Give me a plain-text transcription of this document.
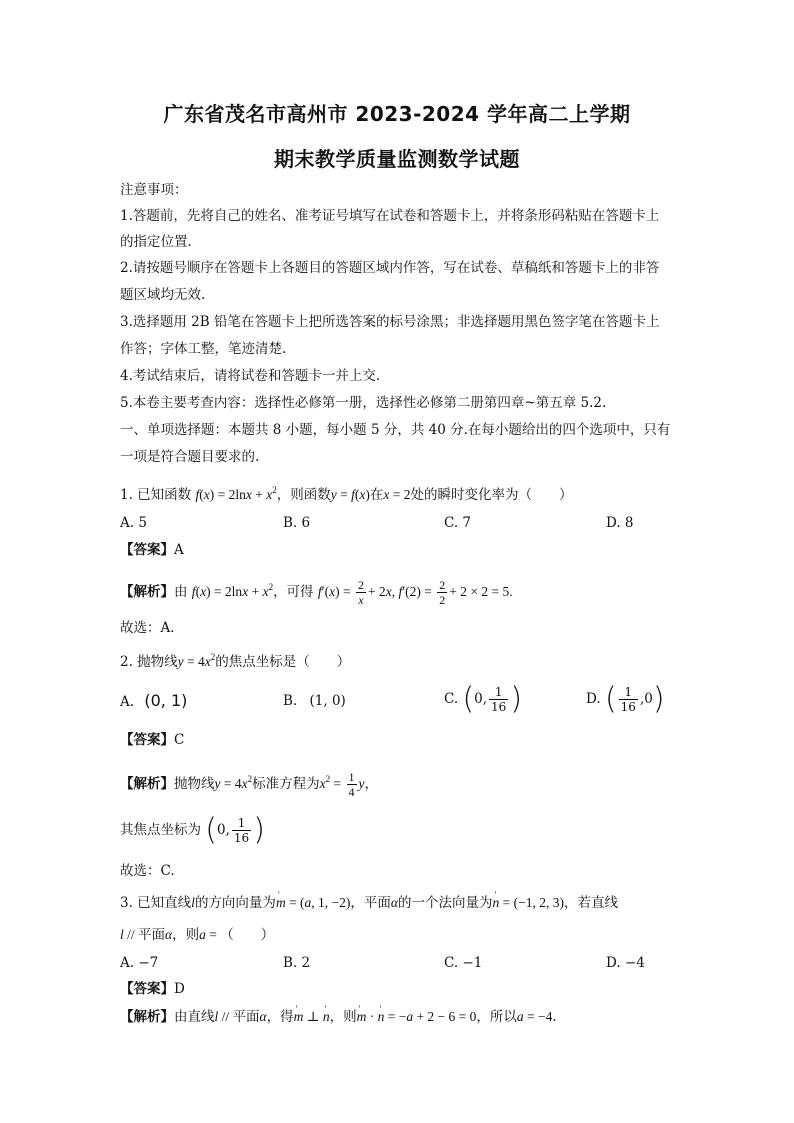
广东省茂名市高州市 2023-2024 学年高二上学期
期末教学质量监测数学试题
注意事项：
1.答题前，先将自己的姓名、准考证号填写在试卷和答题卡上，并将条形码粘贴在答题卡上
的指定位置.
2.请按题号顺序在答题卡上各题目的答题区域内作答，写在试卷、草稿纸和答题卡上的非答
题区域均无效.
3.选择题用 2B 铅笔在答题卡上把所选答案的标号涂黑；非选择题用黑色签字笔在答题卡上
作答；字体工整，笔迹清楚.
4.考试结束后，请将试卷和答题卡一并上交.
5.本卷主要考查内容：选择性必修第一册，选择性必修第二册第四章~第五章 5.2.
一、单项选择题：本题共 8 小题，每小题 5 分，共 40 分.在每小题给出的四个选项中，只有
一项是符合题目要求的.
1. 已知函数 $f(x) = 2\ln x + x^2$，则函数y = f(x)在x = 2处的瞬时变化率为（　　）
A. 5	B. 6	C. 7	D. 8
【答案】A
【解析】由 $f(x) = 2\ln x + x^2$，可得 $f'(x) = \frac{2}{x} + 2x$, $f'(2) = \frac{2}{2} + 2 \times 2 = 5$.
故选：A.
2. 抛物线$y = 4x^2$的焦点坐标是（　　）
A. (0, 1)	B. (1, 0)	C. (0, $\frac{1}{16}$ )	D. ( $\frac{1}{16} ,0$)
【答案】C
【解析】抛物线$y = 4x^2$标准方程为$x^2 = \frac{1}{4}$ y，
其焦点坐标为 (0, $\frac{1}{16}$ )
故选：C.
3. 已知直线l的方向向量为' m = (a, 1, −2)，平面α的一个法向量为' n = (−1, 2, 3)，若直线
l // 平面α，则a = （　　）
A. −7	B. 2	C. −1	D. −4
【答案】D
【解析】由直线l // 平面α，得' m ⊥ ' n，则' m · ' n = −a + 2 − 6 = 0，所以a = −4.
